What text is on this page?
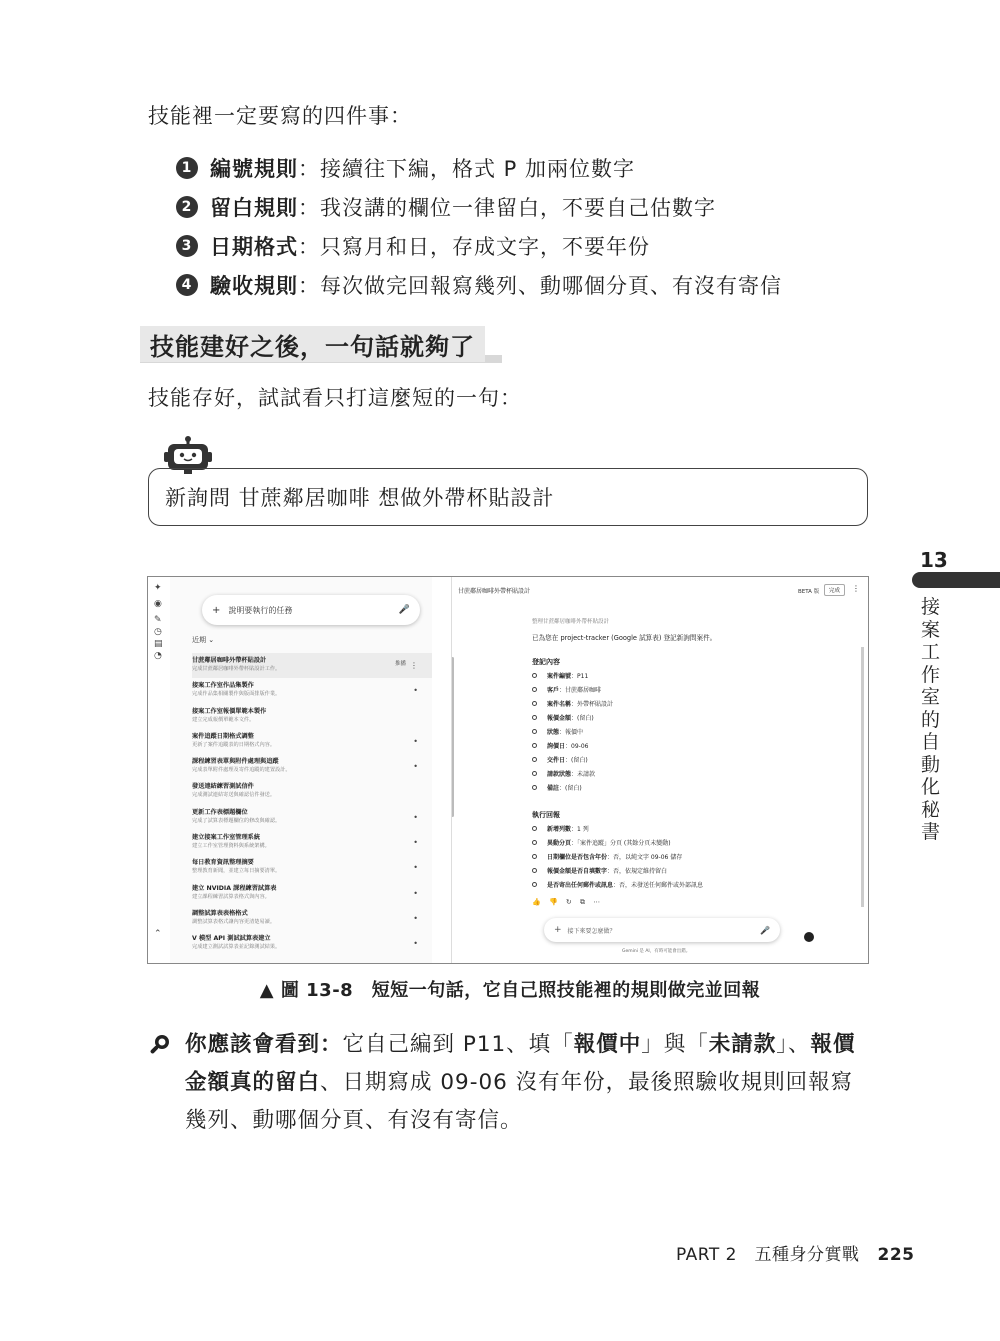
技能裡一定要寫的四件事：
1 編號規則 ：接續往下編，格式 P 加兩位數字
2 留白規則 ：我沒講的欄位一律留白，不要自己估數字
3 日期格式 ：只寫月和日，存成文字，不要年份
4 驗收規則 ：每次做完回報寫幾列、動哪個分頁、有沒有寄信
技能建好之後，一句話就夠了
技能存好，試試看只打這麼短的一句：
新詢問 甘蔗鄰居咖啡 想做外帶杯貼設計
13
接案工作室的自動化秘書
✦
◉
✎
◷
▤
◔
⌃
+ 說明要執行的任務	🎤
近期 ⌄
甘蔗鄰居咖啡外帶杯貼設計
完成甘蔗鄰居咖啡外帶杯貼設計工作。
推播 ⋮
接案工作室作品集製作
完成作品集相關製作與版面排版作業。	•
接案工作室報價單範本製作
建立完成報價單範本文件。
案件追蹤日期格式調整
更新了案件追蹤表的日期格式內容。	•
課程練習表單與附件處理與追蹤
完成表單附件處理及寄件追蹤的建置設計。	•
發送連結練習測試信件
完成測試連結寄送與確認信件發送。
更新工作表標題欄位
完成了試算表標題欄位的修改與確認。	•
建立接案工作室管理系統
建立工作室管理資料與系統架構。	•
每日教育資訊整理摘要
整理教育新聞，並建立每日摘要清單。	•
建立 NVIDIA 課程練習試算表
建立課程練習試算表格式與內容。	•
調整試算表表格格式
調整試算表格式讓內容更清楚易讀。	•
V 模型 API 測試試算表建立
完成建立測試試算表並記錄測試結果。	•
甘蔗鄰居咖啡外帶杯貼設計	BETA 版	完成	⋮
整理甘蔗鄰居咖啡外帶杯貼設計
已為您在 project-tracker (Google 試算表) 登記新詢問案件。
登記內容
案件編號 ：P11
客戶 ：甘蔗鄰居咖啡
案件名稱 ：外帶杯貼設計
報價金額 ：(留白)
狀態 ：報價中
詢價日 ：09-06
交件日 ：(留白)
請款狀態 ：未請款
備註 ：(留白)
執行回報
新增列數 ：1 列
異動分頁 ：「案件追蹤」分頁 (其餘分頁未變動)
日期欄位是否包含年份 ：否，以純文字 09-06 儲存
報價金額是否自填數字 ：否，依規定維持留白
是否寄出任何郵件或訊息 ：否，未發送任何郵件或外部訊息
👍 👎 ↻ ⧉ ⋯
+ 接下來要怎麼做？	🎤
Gemini 是 AI，有時可能會出錯。
▲ 圖 13-8　短短一句話，它自己照技能裡的規則做完並回報
你應該會看到：它自己編到 P11、填「報價中」與「未請款」、報價金額真的留白、日期寫成 09-06 沒有年份，最後照驗收規則回報寫幾列、動哪個分頁、有沒有寄信。
PART 2　五種身分實戰 225
